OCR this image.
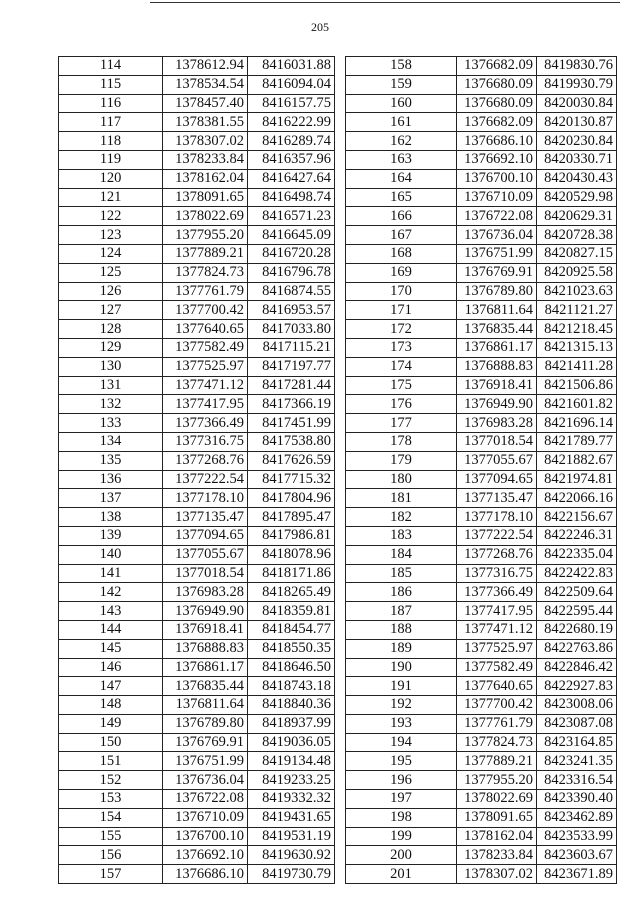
205
114	1378612.94	8416031.88
115	1378534.54	8416094.04
116	1378457.40	8416157.75
117	1378381.55	8416222.99
118	1378307.02	8416289.74
119	1378233.84	8416357.96
120	1378162.04	8416427.64
121	1378091.65	8416498.74
122	1378022.69	8416571.23
123	1377955.20	8416645.09
124	1377889.21	8416720.28
125	1377824.73	8416796.78
126	1377761.79	8416874.55
127	1377700.42	8416953.57
128	1377640.65	8417033.80
129	1377582.49	8417115.21
130	1377525.97	8417197.77
131	1377471.12	8417281.44
132	1377417.95	8417366.19
133	1377366.49	8417451.99
134	1377316.75	8417538.80
135	1377268.76	8417626.59
136	1377222.54	8417715.32
137	1377178.10	8417804.96
138	1377135.47	8417895.47
139	1377094.65	8417986.81
140	1377055.67	8418078.96
141	1377018.54	8418171.86
142	1376983.28	8418265.49
143	1376949.90	8418359.81
144	1376918.41	8418454.77
145	1376888.83	8418550.35
146	1376861.17	8418646.50
147	1376835.44	8418743.18
148	1376811.64	8418840.36
149	1376789.80	8418937.99
150	1376769.91	8419036.05
151	1376751.99	8419134.48
152	1376736.04	8419233.25
153	1376722.08	8419332.32
154	1376710.09	8419431.65
155	1376700.10	8419531.19
156	1376692.10	8419630.92
157	1376686.10	8419730.79
158	1376682.09	8419830.76
159	1376680.09	8419930.79
160	1376680.09	8420030.84
161	1376682.09	8420130.87
162	1376686.10	8420230.84
163	1376692.10	8420330.71
164	1376700.10	8420430.43
165	1376710.09	8420529.98
166	1376722.08	8420629.31
167	1376736.04	8420728.38
168	1376751.99	8420827.15
169	1376769.91	8420925.58
170	1376789.80	8421023.63
171	1376811.64	8421121.27
172	1376835.44	8421218.45
173	1376861.17	8421315.13
174	1376888.83	8421411.28
175	1376918.41	8421506.86
176	1376949.90	8421601.82
177	1376983.28	8421696.14
178	1377018.54	8421789.77
179	1377055.67	8421882.67
180	1377094.65	8421974.81
181	1377135.47	8422066.16
182	1377178.10	8422156.67
183	1377222.54	8422246.31
184	1377268.76	8422335.04
185	1377316.75	8422422.83
186	1377366.49	8422509.64
187	1377417.95	8422595.44
188	1377471.12	8422680.19
189	1377525.97	8422763.86
190	1377582.49	8422846.42
191	1377640.65	8422927.83
192	1377700.42	8423008.06
193	1377761.79	8423087.08
194	1377824.73	8423164.85
195	1377889.21	8423241.35
196	1377955.20	8423316.54
197	1378022.69	8423390.40
198	1378091.65	8423462.89
199	1378162.04	8423533.99
200	1378233.84	8423603.67
201	1378307.02	8423671.89
